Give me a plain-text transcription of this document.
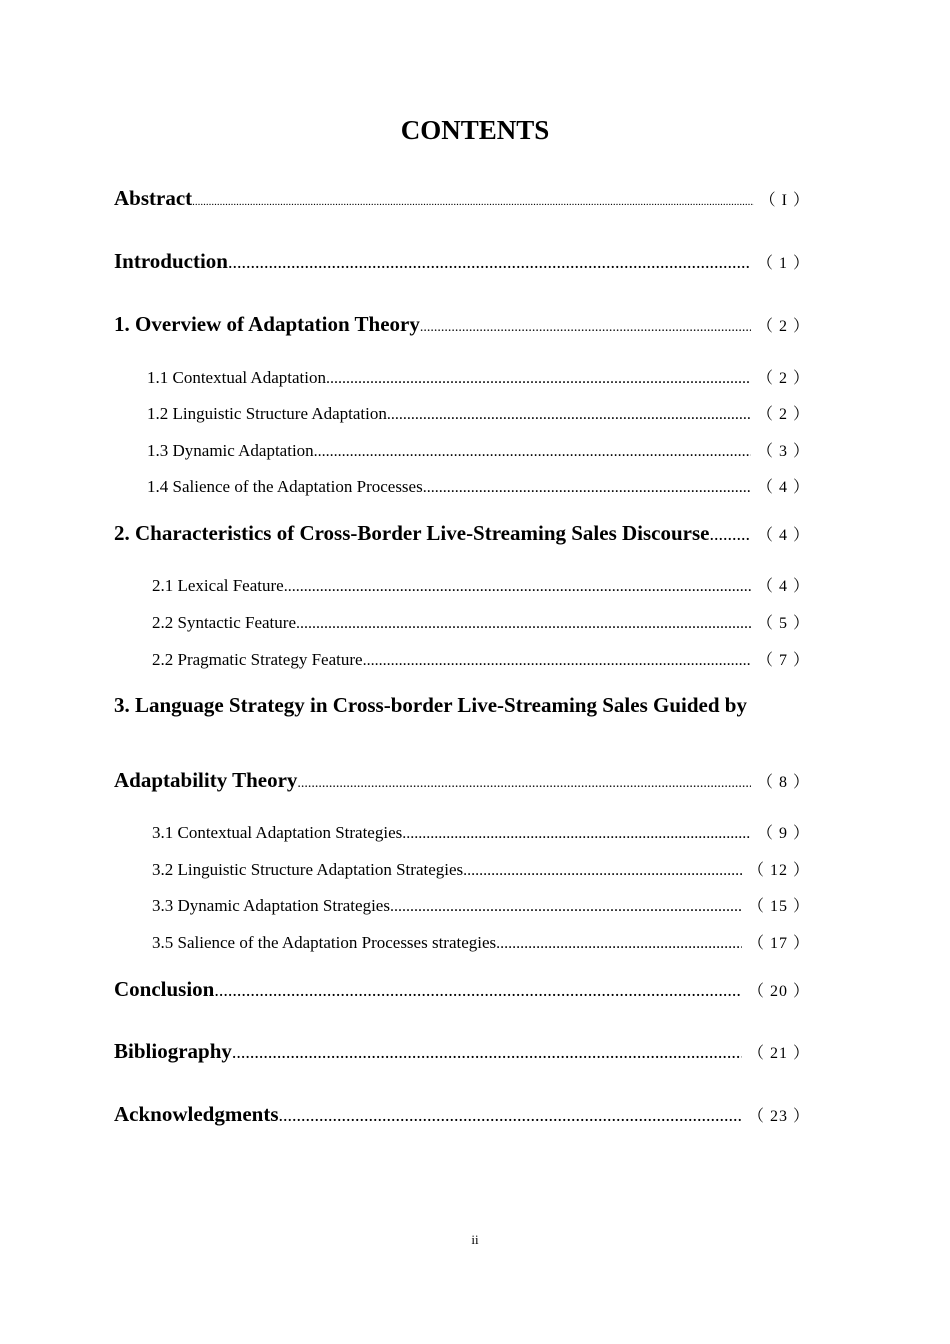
CONTENTS
Abstract .....	（ I ）
Introduction .....	（ 1 ）
1. Overview of Adaptation Theory .....	（ 2 ）
1.1 Contextual Adaptation .....	（ 2 ）
1.2 Linguistic Structure Adaptation .....	（ 2 ）
1.3 Dynamic Adaptation .....	（ 3 ）
1.4 Salience of the Adaptation Processes .....	（ 4 ）
2. Characteristics of Cross-Border Live-Streaming Sales Discourse .....	（ 4 ）
2.1 Lexical Feature .....	（ 4 ）
2.2 Syntactic Feature .....	（ 5 ）
2.2 Pragmatic Strategy Feature .....	（ 7 ）
3. Language Strategy in Cross-border Live-Streaming Sales Guided by
Adaptability Theory .....	（ 8 ）
3.1 Contextual Adaptation Strategies .....	（ 9 ）
3.2 Linguistic Structure Adaptation Strategies .....	（ 12 ）
3.3 Dynamic Adaptation Strategies .....	（ 15 ）
3.5 Salience of the Adaptation Processes strategies .....	（ 17 ）
Conclusion .....	（ 20 ）
Bibliography .....	（ 21 ）
Acknowledgments .....	（ 23 ）
ii
